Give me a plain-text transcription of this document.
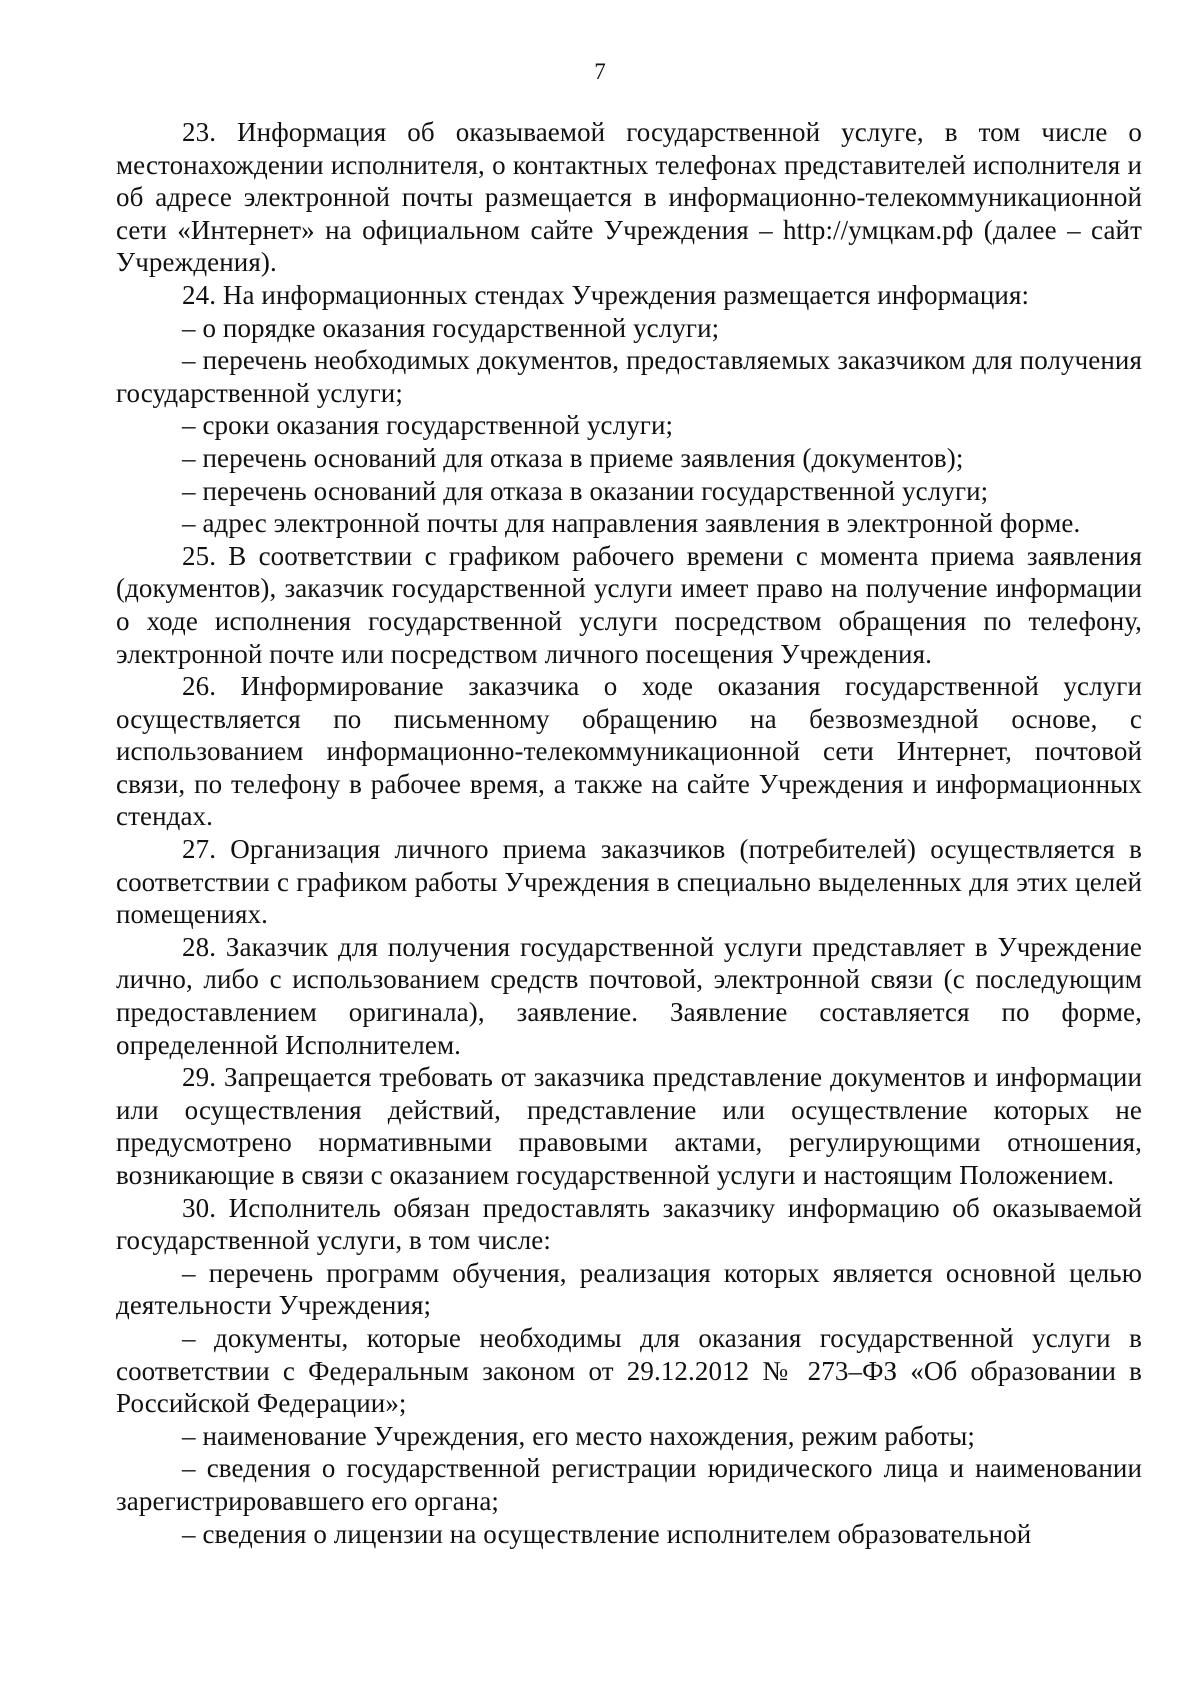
7

23. Информация об оказываемой государственной услуге, в том числе о местонахождении исполнителя, о контактных телефонах представителей исполнителя и об адресе электронной почты размещается в информационно-телекоммуникационной сети «Интернет» на официальном сайте Учреждения – http://умцкам.рф (далее – сайт Учреждения).

24. На информационных стендах Учреждения размещается информация:

– о порядке оказания государственной услуги;

– перечень необходимых документов, предоставляемых заказчиком для получения государственной услуги;

– сроки оказания государственной услуги;

– перечень оснований для отказа в приеме заявления (документов);

– перечень оснований для отказа в оказании государственной услуги;

– адрес электронной почты для направления заявления в электронной форме.

25. В соответствии с графиком рабочего времени с момента приема заявления (документов), заказчик государственной услуги имеет право на получение информации о ходе исполнения государственной услуги посредством обращения по телефону, электронной почте или посредством личного посещения Учреждения.

26. Информирование заказчика о ходе оказания государственной услуги осуществляется по письменному обращению на безвозмездной основе, с использованием информационно-телекоммуникационной сети Интернет, почтовой связи, по телефону в рабочее время, а также на сайте Учреждения и информационных стендах.

27. Организация личного приема заказчиков (потребителей) осуществляется в соответствии с графиком работы Учреждения в специально выделенных для этих целей помещениях.

28. Заказчик для получения государственной услуги представляет в Учреждение лично, либо с использованием средств почтовой, электронной связи (с последующим предоставлением оригинала), заявление. Заявление составляется по форме, определенной Исполнителем.

29. Запрещается требовать от заказчика представление документов и информации или осуществления действий, представление или осуществление которых не предусмотрено нормативными правовыми актами, регулирующими отношения, возникающие в связи с оказанием государственной услуги и настоящим Положением.

30. Исполнитель обязан предоставлять заказчику информацию об оказываемой государственной услуги, в том числе:

– перечень программ обучения, реализация которых является основной целью деятельности Учреждения;

– документы, которые необходимы для оказания государственной услуги в соответствии с Федеральным законом от 29.12.2012 № 273–ФЗ «Об образовании в Российской Федерации»;

– наименование Учреждения, его место нахождения, режим работы;

– сведения о государственной регистрации юридического лица и наименовании зарегистрировавшего его органа;

– сведения о лицензии на осуществление исполнителем образовательной
